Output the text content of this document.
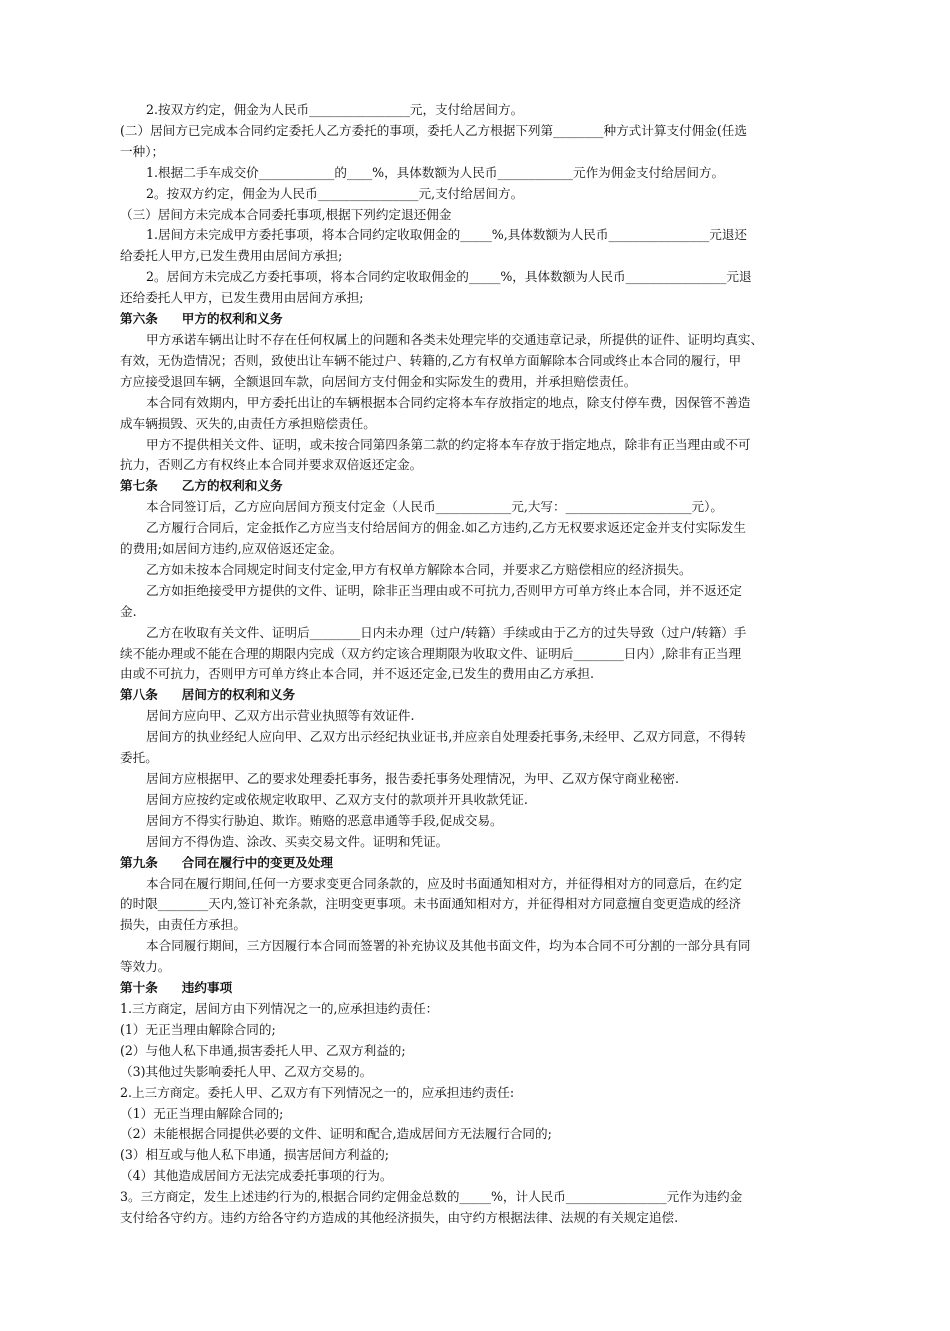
2.按双方约定，佣金为人民币________________元，支付给居间方。

(二）居间方已完成本合同约定委托人乙方委托的事项，委托人乙方根据下列第________种方式计算支付佣金(任选

一种）；

1.根据二手车成交价____________的____%，具体数额为人民币____________元作为佣金支付给居间方。

2。按双方约定，佣金为人民币________________元,支付给居间方。

（三）居间方未完成本合同委托事项,根据下列约定退还佣金

1.居间方未完成甲方委托事项，将本合同约定收取佣金的_____%,具体数额为人民币________________元退还

给委托人甲方,已发生费用由居间方承担;

2。居间方未完成乙方委托事项，将本合同约定收取佣金的_____%，具体数额为人民币________________元退

还给委托人甲方，已发生费用由居间方承担;

第六条 甲方的权利和义务

甲方承诺车辆出让时不存在任何权属上的问题和各类未处理完毕的交通违章记录，所提供的证件、证明均真实、

有效，无伪造情况；否则，致使出让车辆不能过户、转籍的,乙方有权单方面解除本合同或终止本合同的履行，甲

方应接受退回车辆，全额退回车款，向居间方支付佣金和实际发生的费用，并承担赔偿责任。

本合同有效期内，甲方委托出让的车辆根据本合同约定将本车存放指定的地点，除支付停车费，因保管不善造

成车辆损毁、灭失的,由责任方承担赔偿责任。

甲方不提供相关文件、证明，或未按合同第四条第二款的约定将本车存放于指定地点，除非有正当理由或不可

抗力，否则乙方有权终止本合同并要求双倍返还定金。

第七条 乙方的权利和义务

本合同签订后，乙方应向居间方预支付定金（人民币____________元,大写：____________________元）。

乙方履行合同后，定金抵作乙方应当支付给居间方的佣金.如乙方违约,乙方无权要求返还定金并支付实际发生

的费用;如居间方违约,应双倍返还定金。

乙方如未按本合同规定时间支付定金,甲方有权单方解除本合同，并要求乙方赔偿相应的经济损失。

乙方如拒绝接受甲方提供的文件、证明，除非正当理由或不可抗力,否则甲方可单方终止本合同，并不返还定

金.

乙方在收取有关文件、证明后________日内未办理（过户/转籍）手续或由于乙方的过失导致（过户/转籍）手

续不能办理或不能在合理的期限内完成（双方约定该合理期限为收取文件、证明后________日内）,除非有正当理

由或不可抗力，否则甲方可单方终止本合同，并不返还定金,已发生的费用由乙方承担.

第八条 居间方的权利和义务

居间方应向甲、乙双方出示营业执照等有效证件.

居间方的执业经纪人应向甲、乙双方出示经纪执业证书,并应亲自处理委托事务,未经甲、乙双方同意，不得转

委托。

居间方应根据甲、乙的要求处理委托事务，报告委托事务处理情况，为甲、乙双方保守商业秘密.

居间方应按约定或依规定收取甲、乙双方支付的款项并开具收款凭证.

居间方不得实行胁迫、欺诈。贿赂的恶意串通等手段,促成交易。

居间方不得伪造、涂改、买卖交易文件。证明和凭证。

第九条 合同在履行中的变更及处理

本合同在履行期间,任何一方要求变更合同条款的，应及时书面通知相对方，并征得相对方的同意后，在约定

的时限________天内,签订补充条款，注明变更事项。未书面通知相对方，并征得相对方同意擅自变更造成的经济

损失，由责任方承担。

本合同履行期间，三方因履行本合同而签署的补充协议及其他书面文件，均为本合同不可分割的一部分具有同

等效力。

第十条 违约事项

1.三方商定，居间方由下列情况之一的,应承担违约责任：

(1）无正当理由解除合同的;

(2）与他人私下串通,损害委托人甲、乙双方利益的;

（3)其他过失影响委托人甲、乙双方交易的。

2.上三方商定。委托人甲、乙双方有下列情况之一的，应承担违约责任:

（1）无正当理由解除合同的;

（2）未能根据合同提供必要的文件、证明和配合,造成居间方无法履行合同的;

(3）相互或与他人私下串通，损害居间方利益的;

（4）其他造成居间方无法完成委托事项的行为。

3。三方商定，发生上述违约行为的,根据合同约定佣金总数的_____%，计人民币________________元作为违约金

支付给各守约方。违约方给各守约方造成的其他经济损失，由守约方根据法律、法规的有关规定追偿.
